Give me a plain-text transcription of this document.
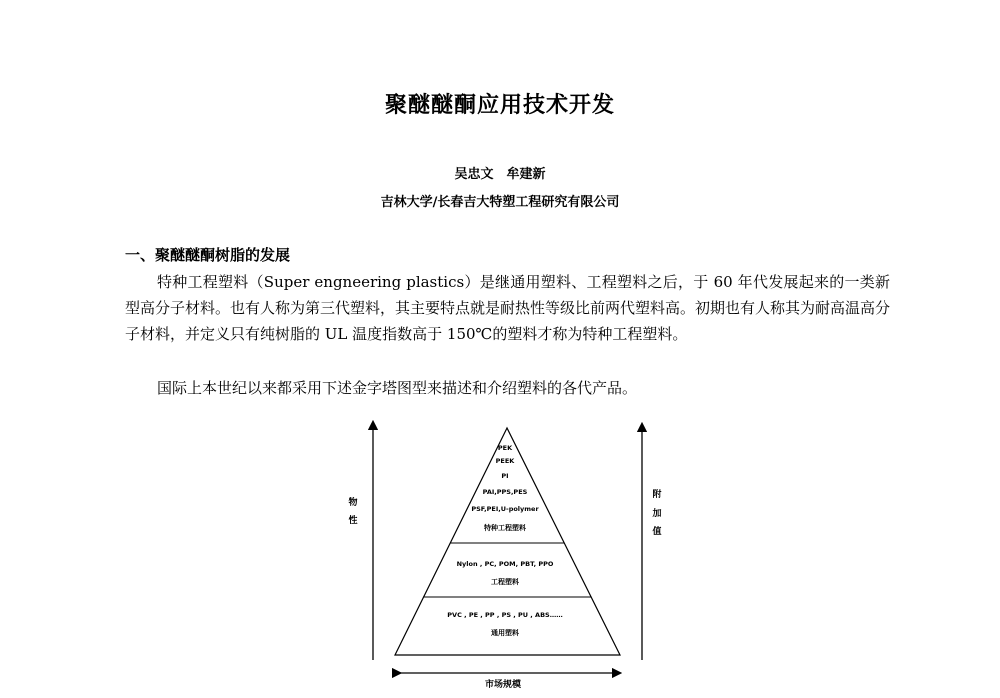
聚醚醚酮应用技术开发
吴忠文　牟建新
吉林大学/长春吉大特塑工程研究有限公司
一、聚醚醚酮树脂的发展

特种工程塑料（Super engneering plastics）是继通用塑料、工程塑料之后，于 60 年代发展起来的一类新型高分子材料。也有人称为第三代塑料，其主要特点就是耐热性等级比前两代塑料高。初期也有人称其为耐高温高分子材料，并定义只有纯树脂的 UL 温度指数高于 150℃的塑料才称为特种工程塑料。

国际上本世纪以来都采用下述金字塔图型来描述和介绍塑料的各代产品。

物
性
附
加
值
市场规模
PEK
PEEK
PI
PAI,PPS,PES
PSF,PEI,U-polymer
特种工程塑料
Nylon , PC, POM, PBT, PPO
工程塑料
PVC , PE , PP , PS , PU , ABS……
通用塑料
